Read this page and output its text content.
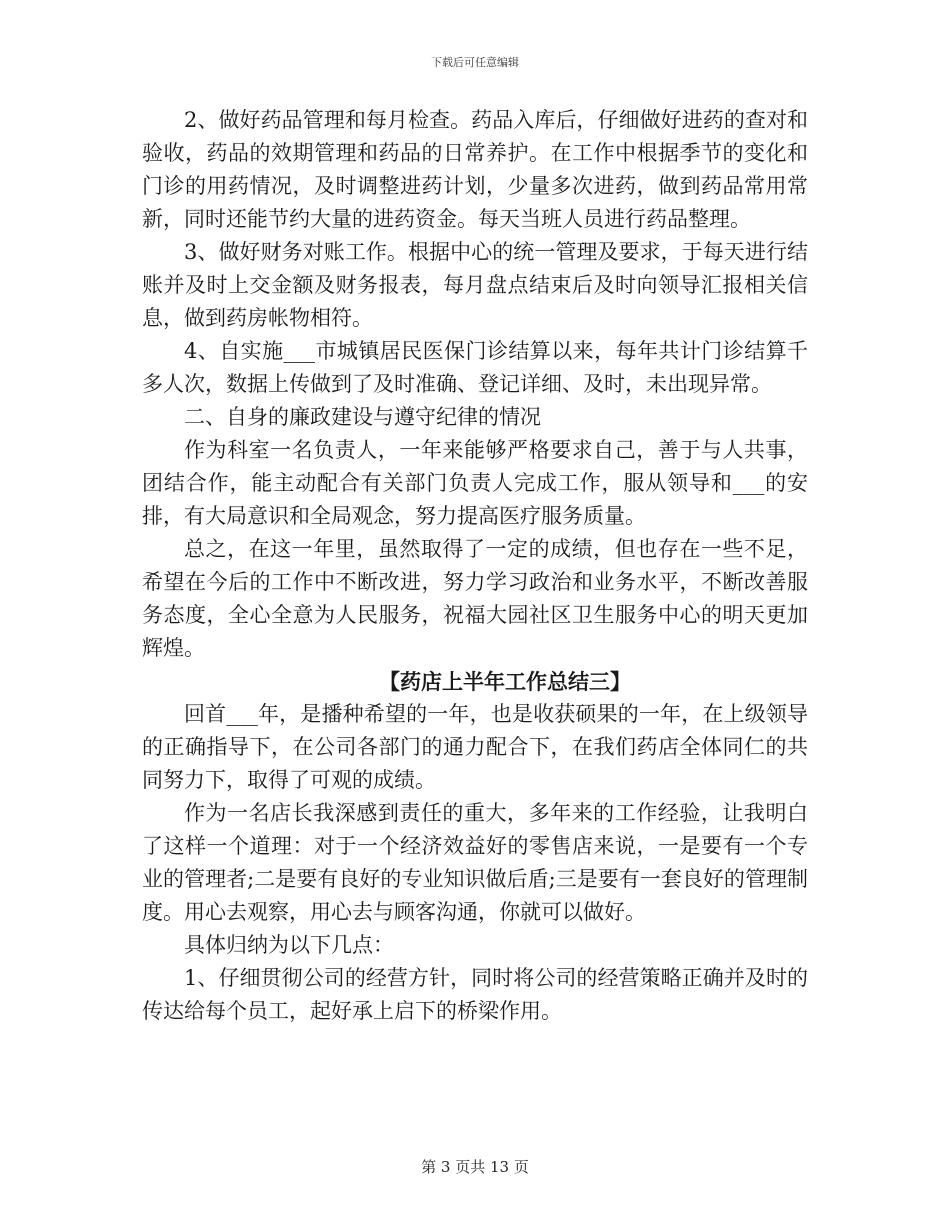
下载后可任意编辑

2、做好药品管理和每月检查。药品入库后，仔细做好进药的查对和验收，药品的效期管理和药品的日常养护。在工作中根据季节的变化和门诊的用药情况，及时调整进药计划，少量多次进药，做到药品常用常新，同时还能节约大量的进药资金。每天当班人员进行药品整理。

3、做好财务对账工作。根据中心的统一管理及要求，于每天进行结账并及时上交金额及财务报表，每月盘点结束后及时向领导汇报相关信息，做到药房帐物相符。

4、自实施___市城镇居民医保门诊结算以来，每年共计门诊结算千多人次，数据上传做到了及时准确、登记详细、及时，未出现异常。

二、自身的廉政建设与遵守纪律的情况

作为科室一名负责人，一年来能够严格要求自己，善于与人共事，团结合作，能主动配合有关部门负责人完成工作，服从领导和___的安排，有大局意识和全局观念，努力提高医疗服务质量。

总之，在这一年里，虽然取得了一定的成绩，但也存在一些不足，希望在今后的工作中不断改进，努力学习政治和业务水平，不断改善服务态度，全心全意为人民服务，祝福大园社区卫生服务中心的明天更加辉煌。

【药店上半年工作总结三】

回首___年，是播种希望的一年，也是收获硕果的一年，在上级领导的正确指导下，在公司各部门的通力配合下，在我们药店全体同仁的共同努力下，取得了可观的成绩。

作为一名店长我深感到责任的重大，多年来的工作经验，让我明白了这样一个道理：对于一个经济效益好的零售店来说，一是要有一个专业的管理者;二是要有良好的专业知识做后盾;三是要有一套良好的管理制度。用心去观察，用心去与顾客沟通，你就可以做好。

具体归纳为以下几点：

1、仔细贯彻公司的经营方针，同时将公司的经营策略正确并及时的传达给每个员工，起好承上启下的桥梁作用。

第 3 页共 13 页
